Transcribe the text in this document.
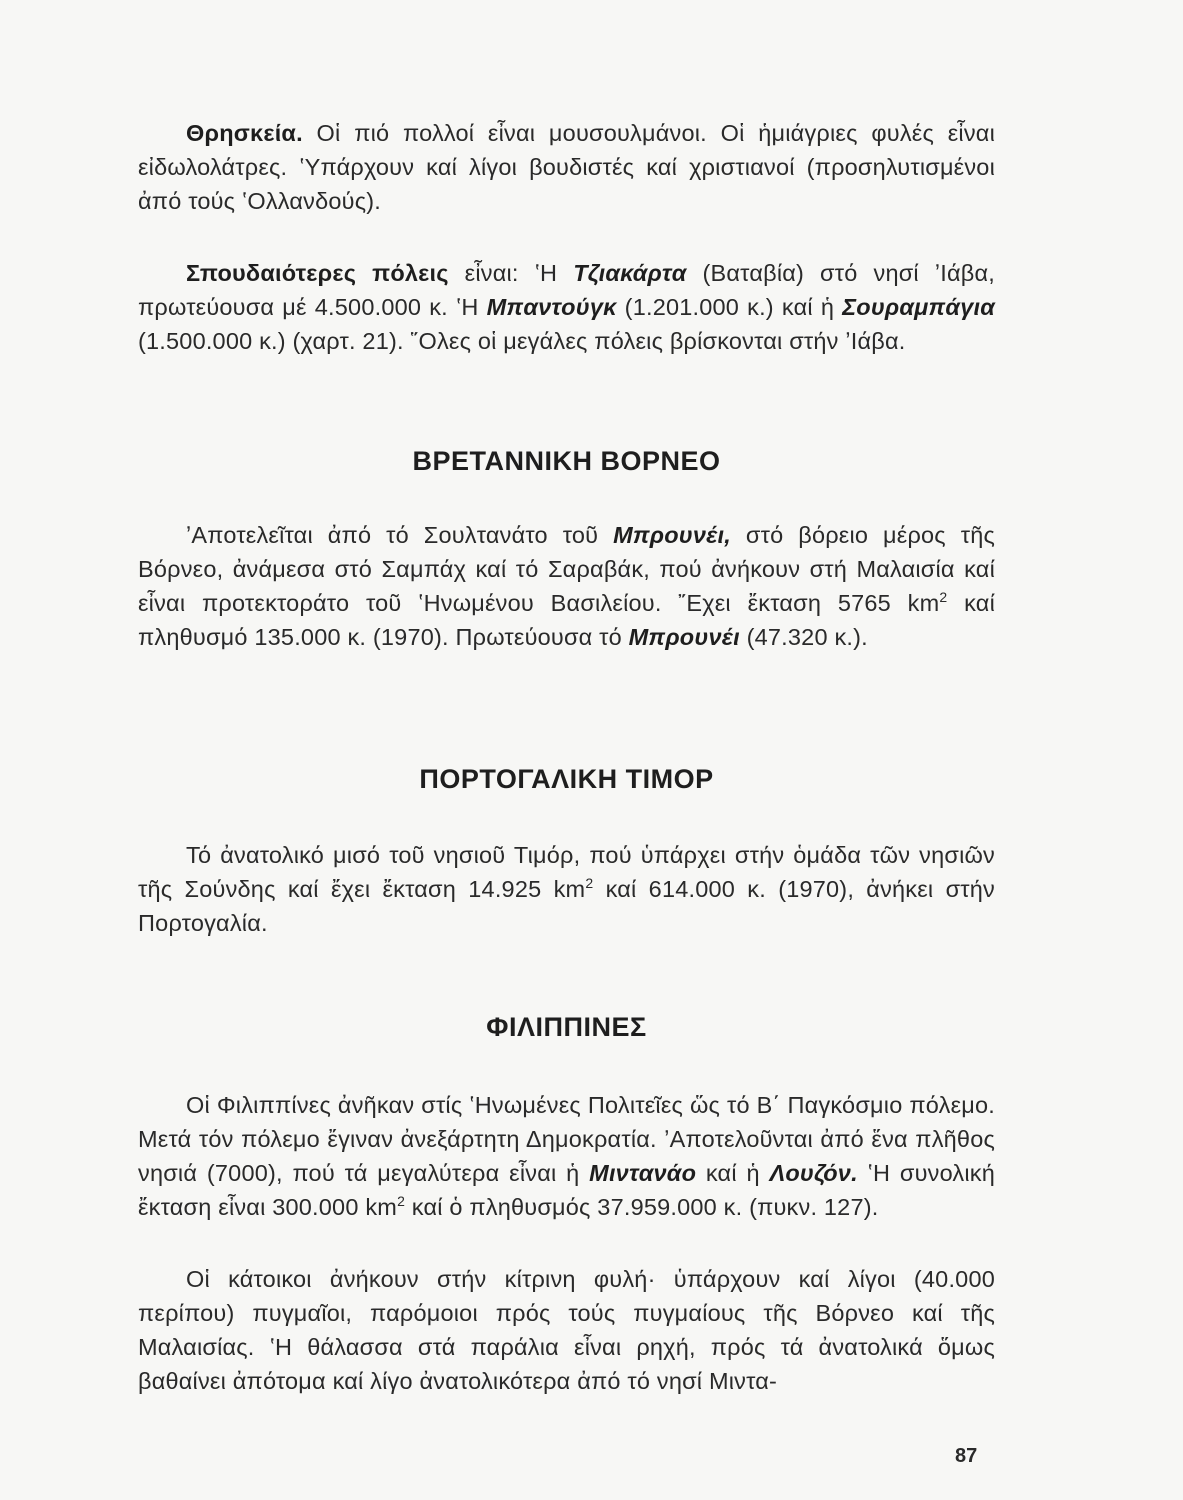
Θρησκεία. Οἱ πιό πολλοί εἶναι μουσουλμάνοι. Οἱ ἡμιάγριες φυλές εἶναι εἰδωλολάτρες. ʽΥπάρχουν καί λίγοι βουδιστές καί χριστιανοί (προσηλυτισμένοι ἀπό τούς ʽΟλλανδούς).

Σπουδαιότερες πόλεις εἶναι: ʽΗ Τζιακάρτα (Βαταβία) στό νησί ʼΙάβα, πρωτεύουσα μέ 4.500.000 κ. ʽΗ Μπαντούγκ (1.201.000 κ.) καί ἡ Σουραμπάγια (1.500.000 κ.) (χαρτ. 21). ῞Ολες οἱ μεγάλες πόλεις βρίσκονται στήν ʼΙάβα.

ΒΡΕΤΑΝΝΙΚΗ ΒΟΡΝΕΟ

ʼΑποτελεῖται ἀπό τό Σουλτανάτο τοῦ Μπρουνέι, στό βόρειο μέρος τῆς Βόρνεο, ἀνάμεσα στό Σαμπάχ καί τό Σαραβάκ, πού ἀνήκουν στή Μαλαισία καί εἶναι προτεκτοράτο τοῦ ʽΗνωμένου Βασιλείου. ῎Εχει ἔκταση 5765 $km^2$ καί πληθυσμό 135.000 κ. (1970). Πρωτεύουσα τό Μπρουνέι (47.320 κ.).

ΠΟΡΤΟΓΑΛΙΚΗ ΤΙΜΟΡ

Τό ἀνατολικό μισό τοῦ νησιοῦ Τιμόρ, πού ὑπάρχει στήν ὁμάδα τῶν νησιῶν τῆς Σούνδης καί ἔχει ἔκταση 14.925 $km^2$ καί 614.000 κ. (1970), ἀνήκει στήν Πορτογαλία.

ΦΙΛΙΠΠΙΝΕΣ

Οἱ Φιλιππίνες ἀνῆκαν στίς ʽΗνωμένες Πολιτεῖες ὥς τό Β΄ Παγκόσμιο πόλεμο. Μετά τόν πόλεμο ἔγιναν ἀνεξάρτητη Δημοκρατία. ʼΑποτελοῦνται ἀπό ἕνα πλῆθος νησιά (7000), πού τά μεγαλύτερα εἶναι ἡ Μιντανάο καί ἡ Λουζόν. ʽΗ συνολική ἔκταση εἶναι 300.000 $km^2$ καί ὁ πληθυσμός 37.959.000 κ. (πυκν. 127).

Οἱ κάτοικοι ἀνήκουν στήν κίτρινη φυλή· ὑπάρχουν καί λίγοι (40.000 περίπου) πυγμαῖοι, παρόμοιοι πρός τούς πυγμαίους τῆς Βόρνεο καί τῆς Μαλαισίας. ʽΗ θάλασσα στά παράλια εἶναι ρηχή, πρός τά ἀνατολικά ὅμως βαθαίνει ἀπότομα καί λίγο ἀνατολικότερα ἀπό τό νησί Μιντα-

87
